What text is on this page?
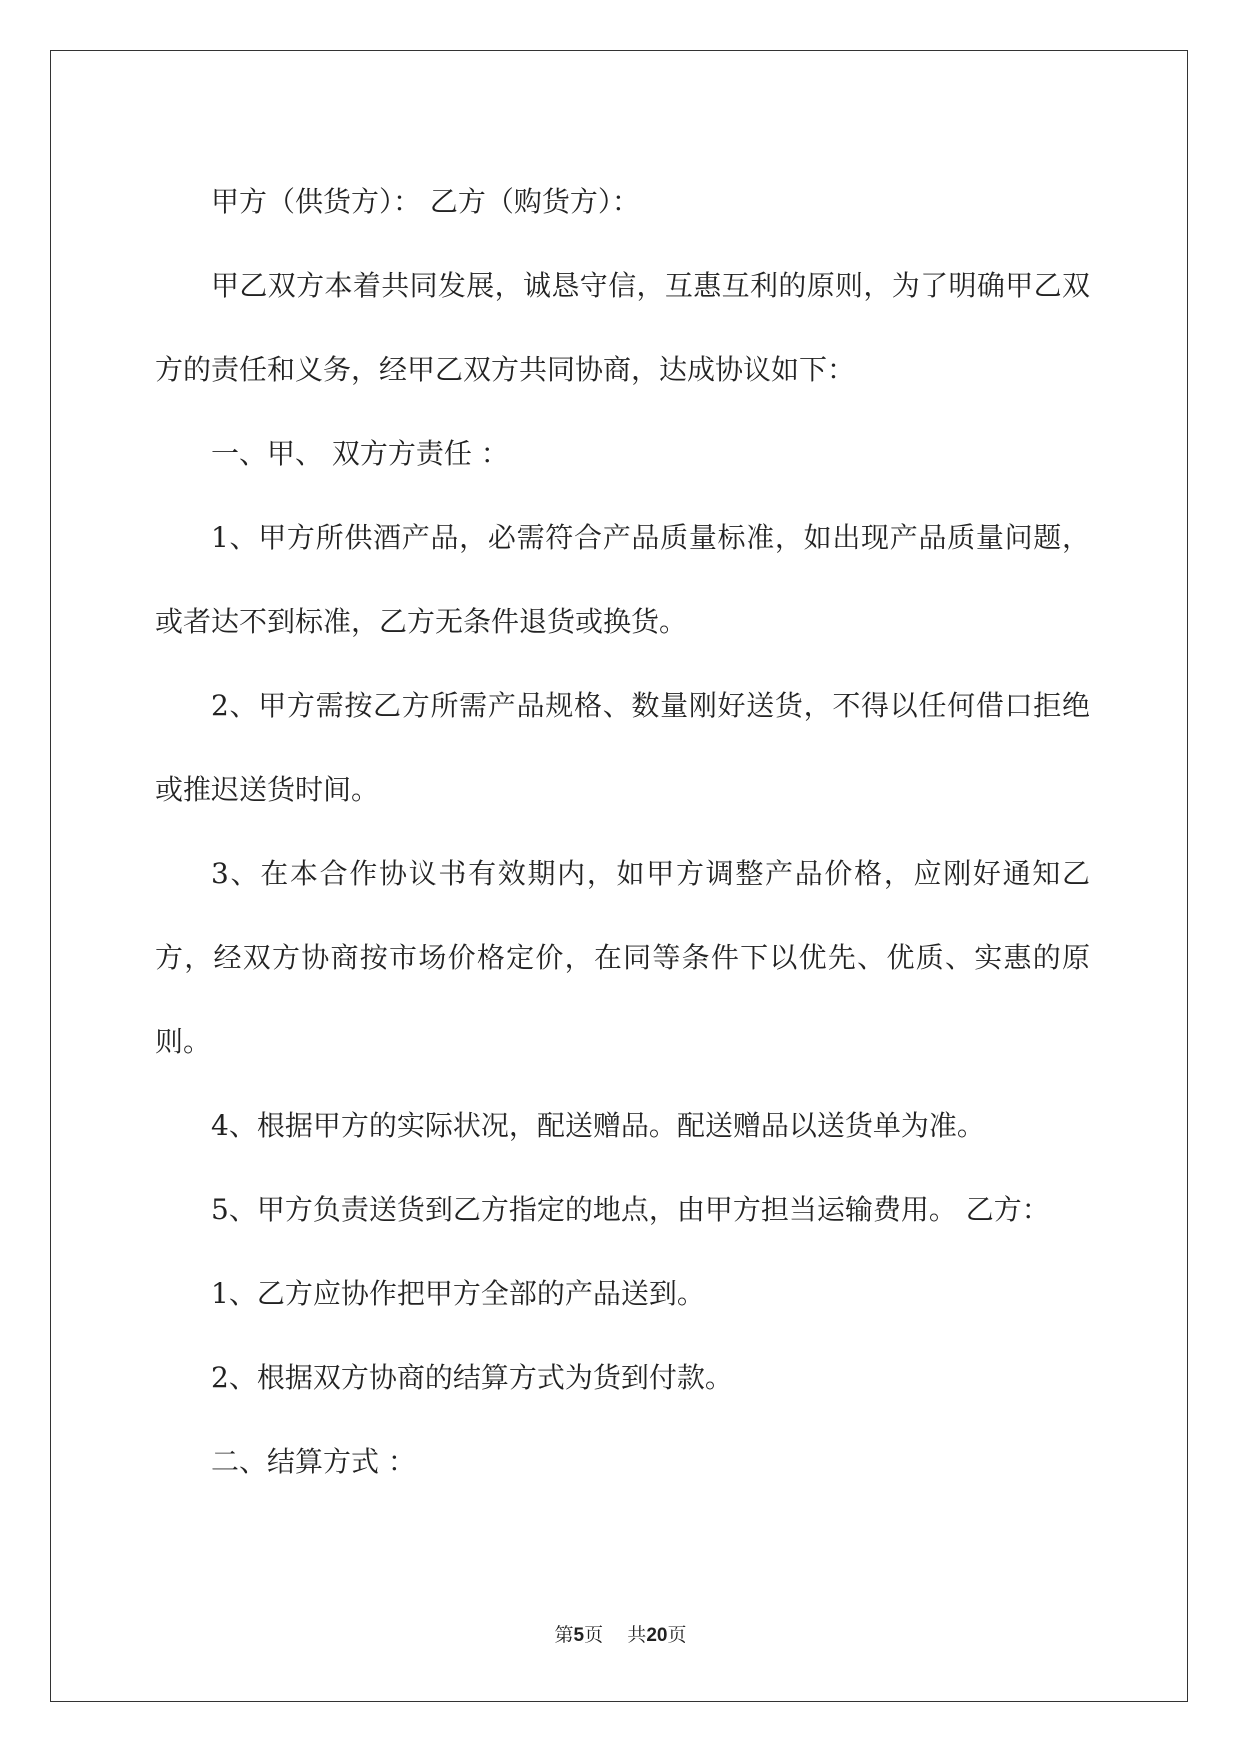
甲方（供货方）： 乙方（购货方）：

甲乙双方本着共同发展，诚恳守信，互惠互利的原则，为了明确甲乙双方的责任和义务，经甲乙双方共同协商，达成协议如下：

一、甲、 双方方责任 ：

1、甲方所供酒产品，必需符合产品质量标准，如出现产品质量问题，或者达不到标准，乙方无条件退货或换货。

2、甲方需按乙方所需产品规格、数量刚好送货，不得以任何借口拒绝或推迟送货时间。

3、在本合作协议书有效期内，如甲方调整产品价格，应刚好通知乙方，经双方协商按市场价格定价，在同等条件下以优先、优质、实惠的原则。

4、根据甲方的实际状况，配送赠品。配送赠品以送货单为准。

5、甲方负责送货到乙方指定的地点，由甲方担当运输费用。 乙方：

1、乙方应协作把甲方全部的产品送到。

2、根据双方协商的结算方式为货到付款。

二、结算方式 ：

第5页 共20页
